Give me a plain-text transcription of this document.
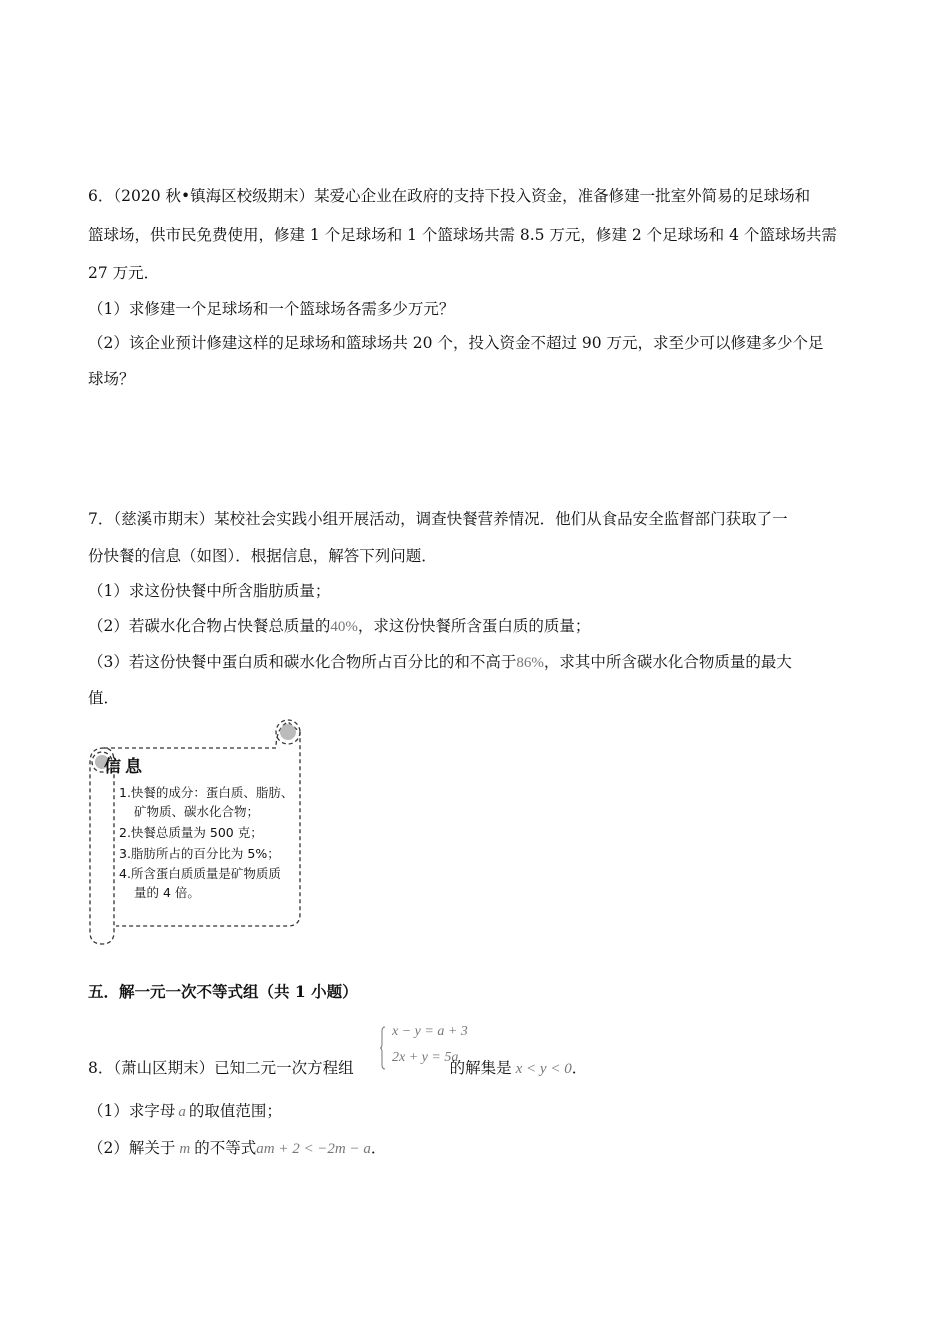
6．（2020 秋•镇海区校级期末）某爱心企业在政府的支持下投入资金，准备修建一批室外简易的足球场和

篮球场，供市民免费使用，修建 1 个足球场和 1 个篮球场共需 8.5 万元，修建 2 个足球场和 4 个篮球场共需

27 万元．

（1）求修建一个足球场和一个篮球场各需多少万元？

（2）该企业预计修建这样的足球场和篮球场共 20 个，投入资金不超过 90 万元，求至少可以修建多少个足

球场？

7．（慈溪市期末）某校社会实践小组开展活动，调查快餐营养情况．他们从食品安全监督部门获取了一

份快餐的信息（如图）．根据信息，解答下列问题．

（1）求这份快餐中所含脂肪质量；

（2）若碳水化合物占快餐总质量的40%，求这份快餐所含蛋白质的质量；

（3）若这份快餐中蛋白质和碳水化合物所占百分比的和不高于86%，求其中所含碳水化合物质量的最大

值．

信息
1.快餐的成分：蛋白质、脂肪、
矿物质、碳水化合物；
2.快餐总质量为 500 克；
3.脂肪所占的百分比为 5%；
4.所含蛋白质质量是矿物质质
量的 4 倍。

五．解一元一次不等式组（共 1 小题）

x − y = a + 3
2x + y = 5a

8．（萧山区期末）已知二元一次方程组	的解集是 x < y < 0．

（1）求字母 a 的取值范围；

（2）解关于 m 的不等式am + 2 < −2m − a．
